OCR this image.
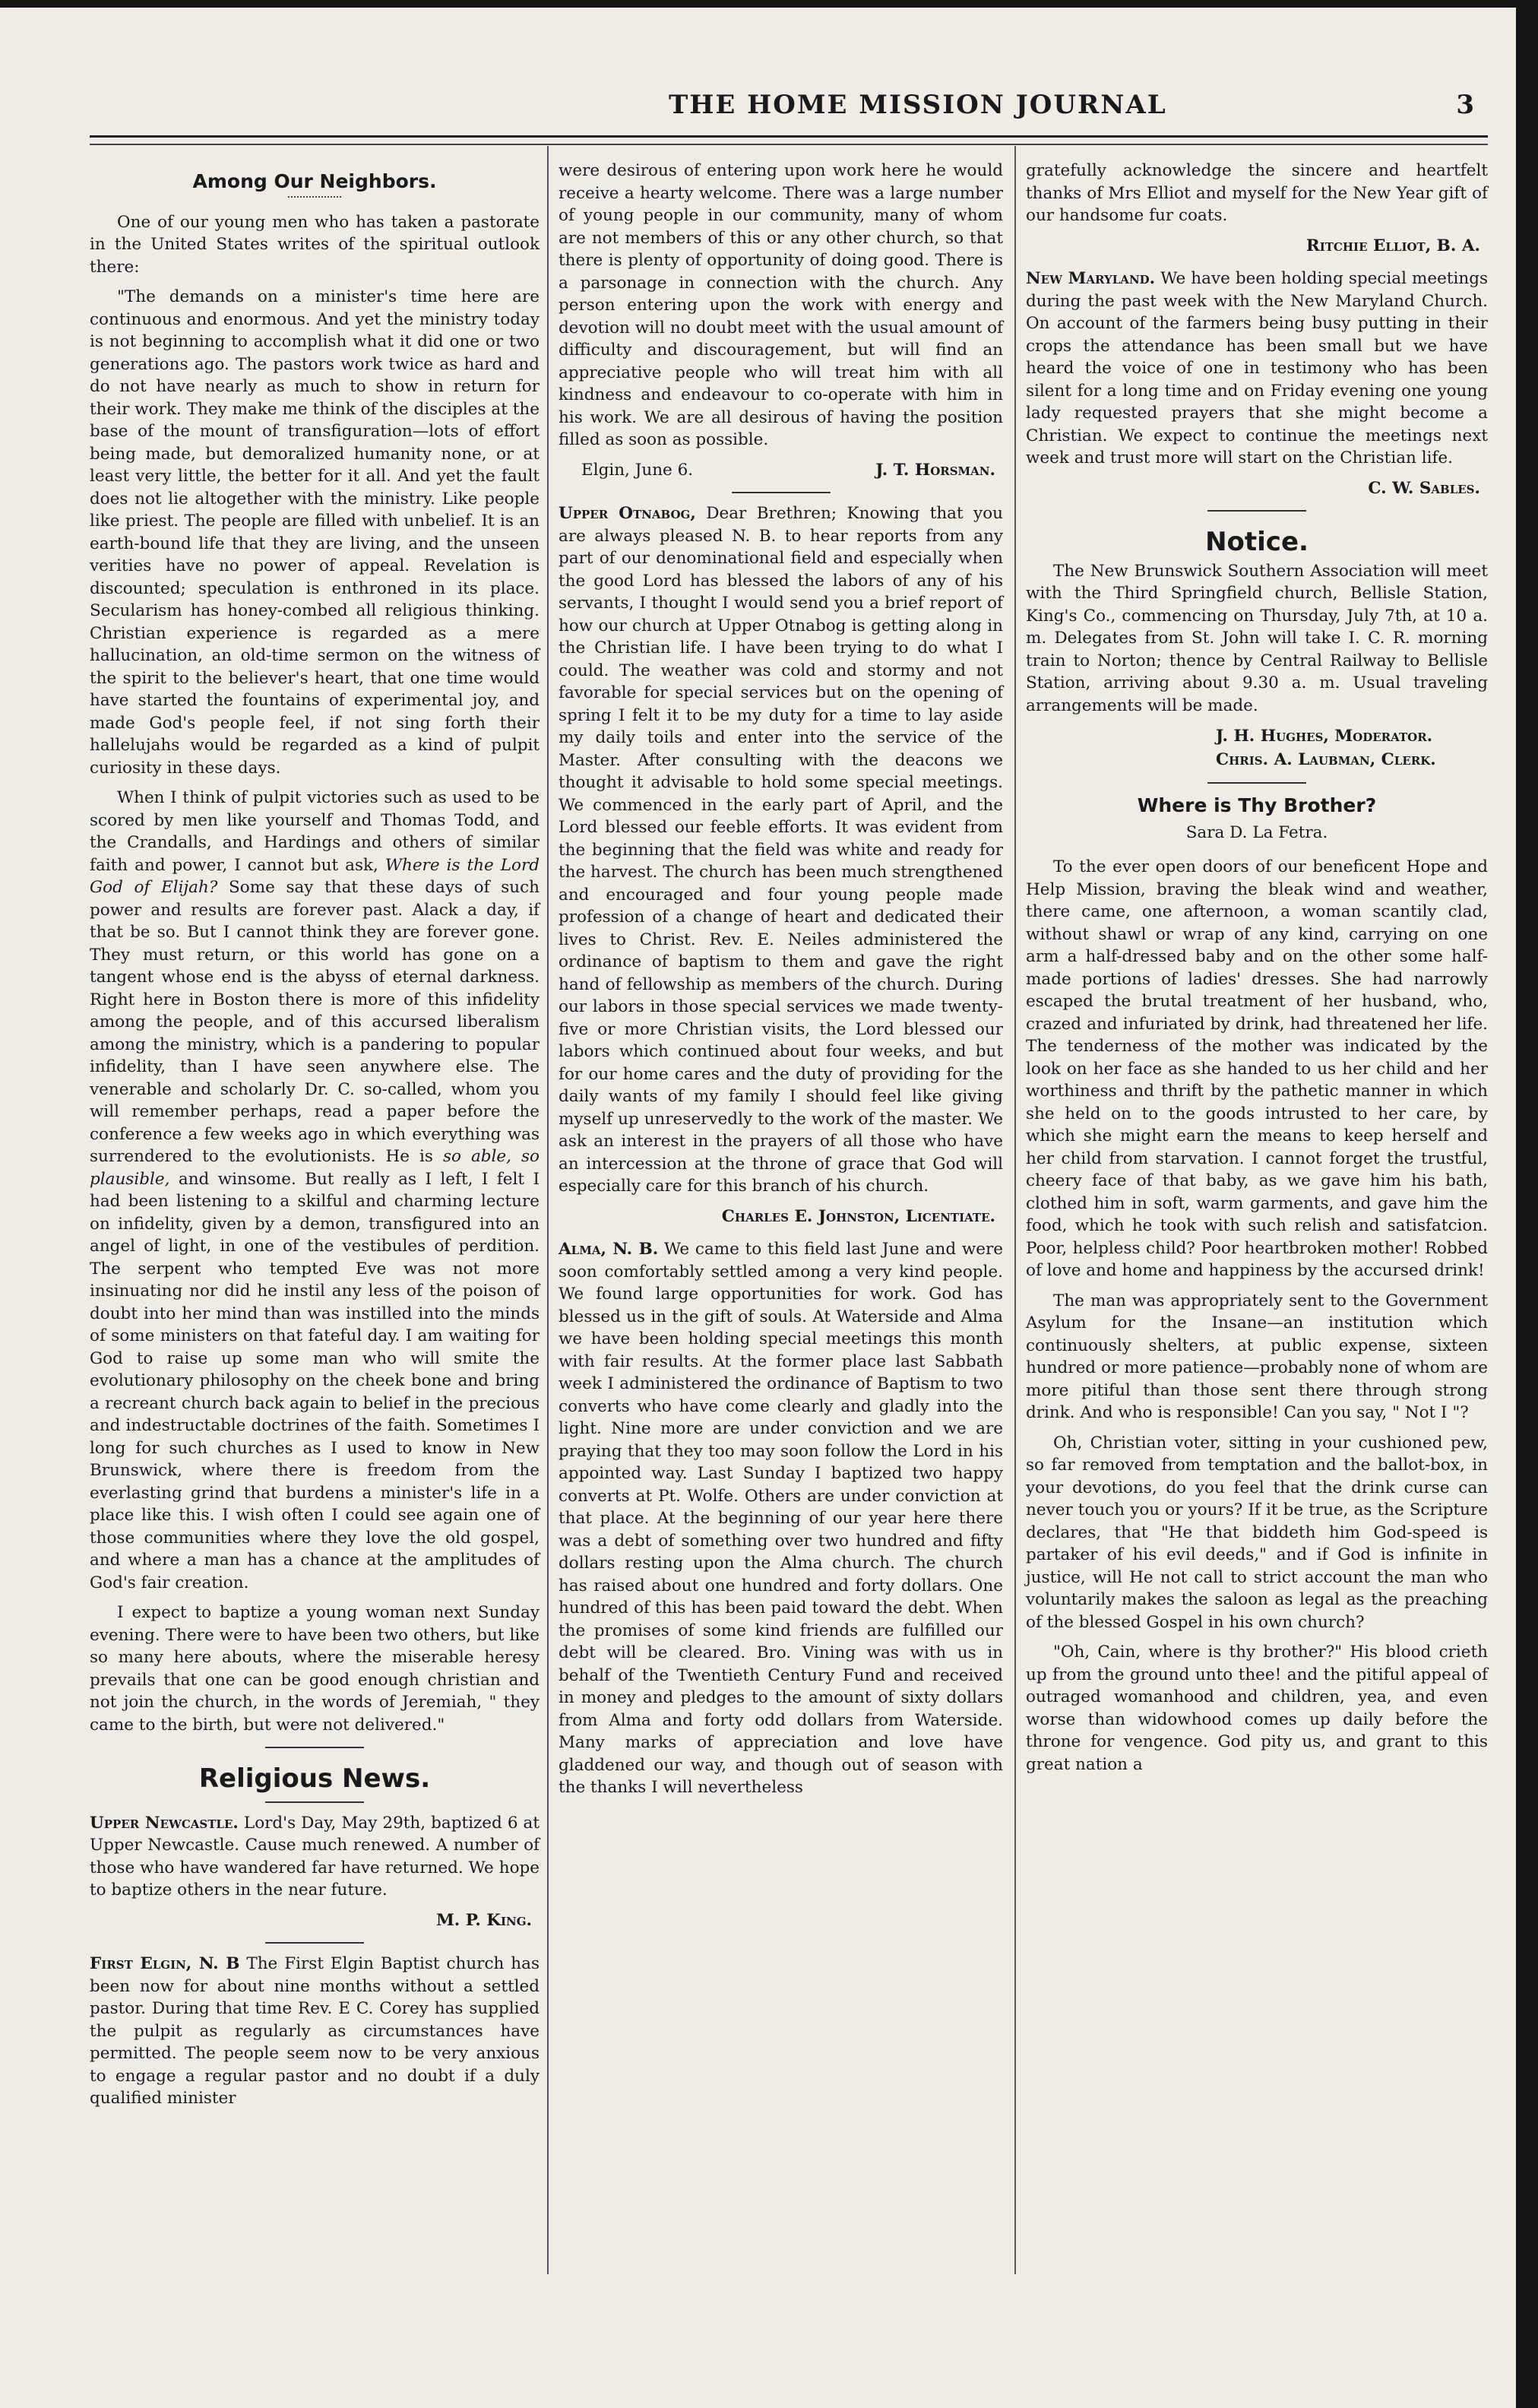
THE HOME MISSION JOURNAL	3
Among Our Neighbors.

One of our young men who has taken a pastorate in the United States writes of the spiritual outlook there:

"The demands on a minister's time here are continuous and enormous. And yet the ministry today is not beginning to accomplish what it did one or two generations ago. The pastors work twice as hard and do not have nearly as much to show in return for their work. They make me think of the disciples at the base of the mount of transfiguration—lots of effort being made, but demoralized humanity none, or at least very little, the better for it all. And yet the fault does not lie altogether with the ministry. Like people like priest. The people are filled with unbelief. It is an earth-bound life that they are living, and the unseen verities have no power of appeal. Revelation is discounted; speculation is enthroned in its place. Secularism has honey-combed all religious thinking. Christian experience is regarded as a mere hallucination, an old-time sermon on the witness of the spirit to the believer's heart, that one time would have started the fountains of experimental joy, and made God's people feel, if not sing forth their hallelujahs would be regarded as a kind of pulpit curiosity in these days.

When I think of pulpit victories such as used to be scored by men like yourself and Thomas Todd, and the Crandalls, and Hardings and others of similar faith and power, I cannot but ask, Where is the Lord God of Elijah? Some say that these days of such power and results are forever past. Alack a day, if that be so. But I cannot think they are forever gone. They must return, or this world has gone on a tangent whose end is the abyss of eternal darkness. Right here in Boston there is more of this infidelity among the people, and of this accursed liberalism among the ministry, which is a pandering to popular infidelity, than I have seen anywhere else. The venerable and scholarly Dr. C. so-called, whom you will remember perhaps, read a paper before the conference a few weeks ago in which everything was surrendered to the evolutionists. He is so able, so plausible, and winsome. But really as I left, I felt I had been listening to a skilful and charming lecture on infidelity, given by a demon, transfigured into an angel of light, in one of the vestibules of perdition. The serpent who tempted Eve was not more insinuating nor did he instil any less of the poison of doubt into her mind than was instilled into the minds of some ministers on that fateful day. I am waiting for God to raise up some man who will smite the evolutionary philosophy on the cheek bone and bring a recreant church back again to belief in the precious and indestructable doctrines of the faith. Sometimes I long for such churches as I used to know in New Brunswick, where there is freedom from the everlasting grind that burdens a minister's life in a place like this. I wish often I could see again one of those communities where they love the old gospel, and where a man has a chance at the amplitudes of God's fair creation.

I expect to baptize a young woman next Sunday evening. There were to have been two others, but like so many here abouts, where the miserable heresy prevails that one can be good enough christian and not join the church, in the words of Jeremiah, " they came to the birth, but were not delivered."

Religious News.

Upper Newcastle. Lord's Day, May 29th, baptized 6 at Upper Newcastle. Cause much renewed. A number of those who have wandered far have returned. We hope to baptize others in the near future.

M. P. King.

First Elgin, N. B The First Elgin Baptist church has been now for about nine months without a settled pastor. During that time Rev. E C. Corey has supplied the pulpit as regularly as circumstances have permitted. The people seem now to be very anxious to engage a regular pastor and no doubt if a duly qualified minister

were desirous of entering upon work here he would receive a hearty welcome. There was a large number of young people in our community, many of whom are not members of this or any other church, so that there is plenty of opportunity of doing good. There is a parsonage in connection with the church. Any person entering upon the work with energy and devotion will no doubt meet with the usual amount of difficulty and discouragement, but will find an appreciative people who will treat him with all kindness and endeavour to co-operate with him in his work. We are all desirous of having the position filled as soon as possible.

Elgin, June 6.	J. T. Horsman.

Upper Otnabog, Dear Brethren; Knowing that you are always pleased N. B. to hear reports from any part of our denominational field and especially when the good Lord has blessed the labors of any of his servants, I thought I would send you a brief report of how our church at Upper Otnabog is getting along in the Christian life. I have been trying to do what I could. The weather was cold and stormy and not favorable for special services but on the opening of spring I felt it to be my duty for a time to lay aside my daily toils and enter into the service of the Master. After consulting with the deacons we thought it advisable to hold some special meetings. We commenced in the early part of April, and the Lord blessed our feeble efforts. It was evident from the beginning that the field was white and ready for the harvest. The church has been much strengthened and encouraged and four young people made profession of a change of heart and dedicated their lives to Christ. Rev. E. Neiles administered the ordinance of baptism to them and gave the right hand of fellowship as members of the church. During our labors in those special services we made twenty-five or more Christian visits, the Lord blessed our labors which continued about four weeks, and but for our home cares and the duty of providing for the daily wants of my family I should feel like giving myself up unreservedly to the work of the master. We ask an interest in the prayers of all those who have an intercession at the throne of grace that God will especially care for this branch of his church.

Charles E. Johnston, Licentiate.

Alma, N. B. We came to this field last June and were soon comfortably settled among a very kind people. We found large opportunities for work. God has blessed us in the gift of souls. At Waterside and Alma we have been holding special meetings this month with fair results. At the former place last Sabbath week I administered the ordinance of Baptism to two converts who have come clearly and gladly into the light. Nine more are under conviction and we are praying that they too may soon follow the Lord in his appointed way. Last Sunday I baptized two happy converts at Pt. Wolfe. Others are under conviction at that place. At the beginning of our year here there was a debt of something over two hundred and fifty dollars resting upon the Alma church. The church has raised about one hundred and forty dollars. One hundred of this has been paid toward the debt. When the promises of some kind friends are fulfilled our debt will be cleared. Bro. Vining was with us in behalf of the Twentieth Century Fund and received in money and pledges to the amount of sixty dollars from Alma and forty odd dollars from Waterside. Many marks of appreciation and love have gladdened our way, and though out of season with the thanks I will nevertheless

gratefully acknowledge the sincere and heartfelt thanks of Mrs Elliot and myself for the New Year gift of our handsome fur coats.

Ritchie Elliot, B. A.

New Maryland. We have been holding special meetings during the past week with the New Maryland Church. On account of the farmers being busy putting in their crops the attendance has been small but we have heard the voice of one in testimony who has been silent for a long time and on Friday evening one young lady requested prayers that she might become a Christian. We expect to continue the meetings next week and trust more will start on the Christian life.

C. W. Sables.
Notice.

The New Brunswick Southern Association will meet with the Third Springfield church, Bellisle Station, King's Co., commencing on Thursday, July 7th, at 10 a. m. Delegates from St. John will take I. C. R. morning train to Norton; thence by Central Railway to Bellisle Station, arriving about 9.30 a. m. Usual traveling arrangements will be made.

J. H. Hughes, Moderator.
Chris. A. Laubman, Clerk.
Where is Thy Brother?
Sara D. La Fetra.

To the ever open doors of our beneficent Hope and Help Mission, braving the bleak wind and weather, there came, one afternoon, a woman scantily clad, without shawl or wrap of any kind, carrying on one arm a half-dressed baby and on the other some half-made portions of ladies' dresses. She had narrowly escaped the brutal treatment of her husband, who, crazed and infuriated by drink, had threatened her life. The tenderness of the mother was indicated by the look on her face as she handed to us her child and her worthiness and thrift by the pathetic manner in which she held on to the goods intrusted to her care, by which she might earn the means to keep herself and her child from starvation. I cannot forget the trustful, cheery face of that baby, as we gave him his bath, clothed him in soft, warm garments, and gave him the food, which he took with such relish and satisfatcion. Poor, helpless child? Poor heartbroken mother! Robbed of love and home and happiness by the accursed drink!

The man was appropriately sent to the Government Asylum for the Insane—an institution which continuously shelters, at public expense, sixteen hundred or more patience—probably none of whom are more pitiful than those sent there through strong drink. And who is responsible! Can you say, " Not I "?

Oh, Christian voter, sitting in your cushioned pew, so far removed from temptation and the ballot-box, in your devotions, do you feel that the drink curse can never touch you or yours? If it be true, as the Scripture declares, that "He that biddeth him God-speed is partaker of his evil deeds," and if God is infinite in justice, will He not call to strict account the man who voluntarily makes the saloon as legal as the preaching of the blessed Gospel in his own church?

"Oh, Cain, where is thy brother?" His blood crieth up from the ground unto thee! and the pitiful appeal of outraged womanhood and children, yea, and even worse than widowhood comes up daily before the throne for vengence. God pity us, and grant to this great nation a
